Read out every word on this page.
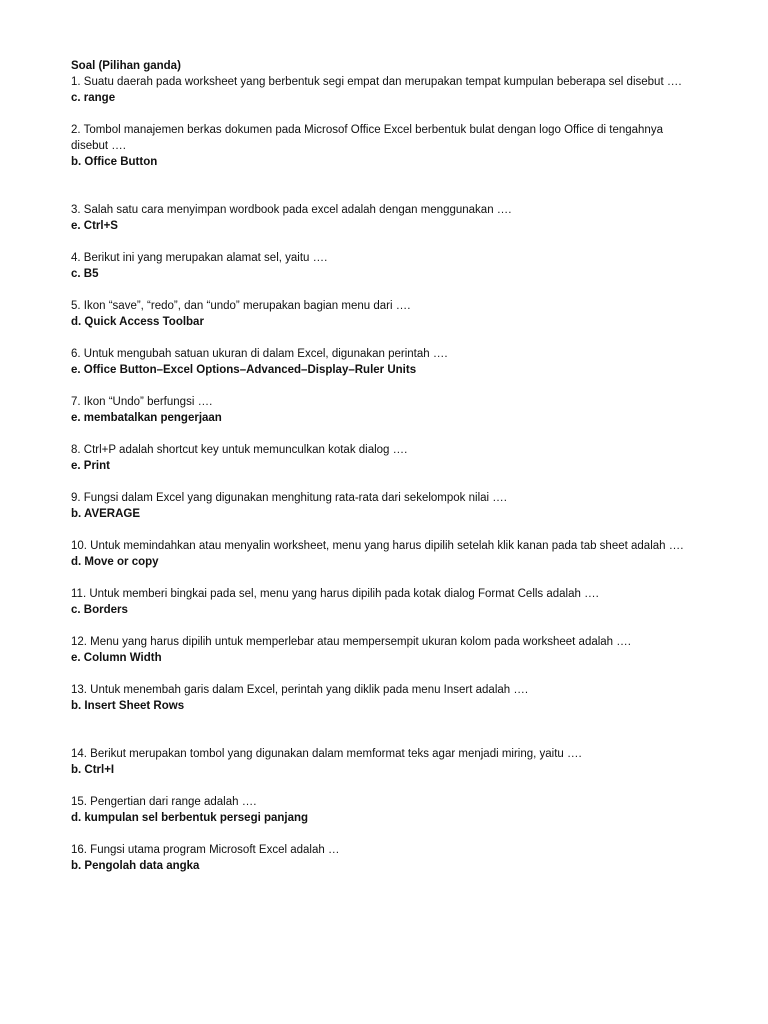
Soal (Pilihan ganda)

1. Suatu daerah pada worksheet yang berbentuk segi empat dan merupakan tempat kumpulan beberapa sel disebut ….

c. range

2. Tombol manajemen berkas dokumen pada Microsof Office Excel berbentuk bulat dengan logo Office di tengahnya disebut ….

b. Office Button

3. Salah satu cara menyimpan wordbook pada excel adalah dengan menggunakan ….

e. Ctrl+S

4. Berikut ini yang merupakan alamat sel, yaitu ….

c. B5

5. Ikon “save”, “redo”, dan “undo” merupakan bagian menu dari ….

d. Quick Access Toolbar

6. Untuk mengubah satuan ukuran di dalam Excel, digunakan perintah ….

e. Office Button–Excel Options–Advanced–Display–Ruler Units

7. Ikon “Undo” berfungsi ….

e. membatalkan pengerjaan

8. Ctrl+P adalah shortcut key untuk memunculkan kotak dialog ….

e. Print

9. Fungsi dalam Excel yang digunakan menghitung rata-rata dari sekelompok nilai ….

b. AVERAGE

10. Untuk memindahkan atau menyalin worksheet, menu yang harus dipilih setelah klik kanan pada tab sheet adalah ….

d. Move or copy

11. Untuk memberi bingkai pada sel, menu yang harus dipilih pada kotak dialog Format Cells adalah ….

c. Borders

12. Menu yang harus dipilih untuk memperlebar atau mempersempit ukuran kolom pada worksheet adalah ….

e. Column Width

13. Untuk menembah garis dalam Excel, perintah yang diklik pada menu Insert adalah ….

b. Insert Sheet Rows

14. Berikut merupakan tombol yang digunakan dalam memformat teks agar menjadi miring, yaitu ….

b. Ctrl+I

15. Pengertian dari range adalah ….

d. kumpulan sel berbentuk persegi panjang

16. Fungsi utama program Microsoft Excel adalah …

b. Pengolah data angka
